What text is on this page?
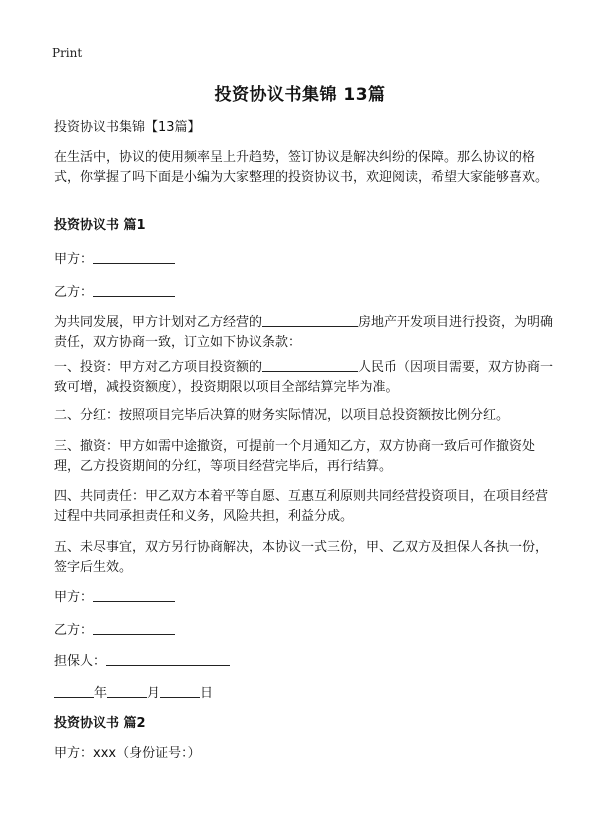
Print
投资协议书集锦 13篇
投资协议书集锦【13篇】
在生活中，协议的使用频率呈上升趋势，签订协议是解决纠纷的保障。那么协议的格式，你掌握了吗下面是小编为大家整理的投资协议书，欢迎阅读，希望大家能够喜欢。
投资协议书 篇1
甲方：
乙方：
为共同发展，甲方计划对乙方经营的	房地产开发项目进行投资，为明确责任，双方协商一致，订立如下协议条款：
一、投资：甲方对乙方项目投资额的	人民币（因项目需要，双方协商一致可增，减投资额度），投资期限以项目全部结算完毕为准。
二、分红：按照项目完毕后决算的财务实际情况，以项目总投资额按比例分红。
三、撤资：甲方如需中途撤资，可提前一个月通知乙方，双方协商一致后可作撤资处理，乙方投资期间的分红，等项目经营完毕后，再行结算。
四、共同责任：甲乙双方本着平等自愿、互惠互利原则共同经营投资项目，在项目经营过程中共同承担责任和义务，风险共担，利益分成。
五、未尽事宜，双方另行协商解决，本协议一式三份，甲、乙双方及担保人各执一份，签字后生效。
甲方：
乙方：
担保人：
年	月	日
投资协议书 篇2
甲方：xxx（身份证号：）
